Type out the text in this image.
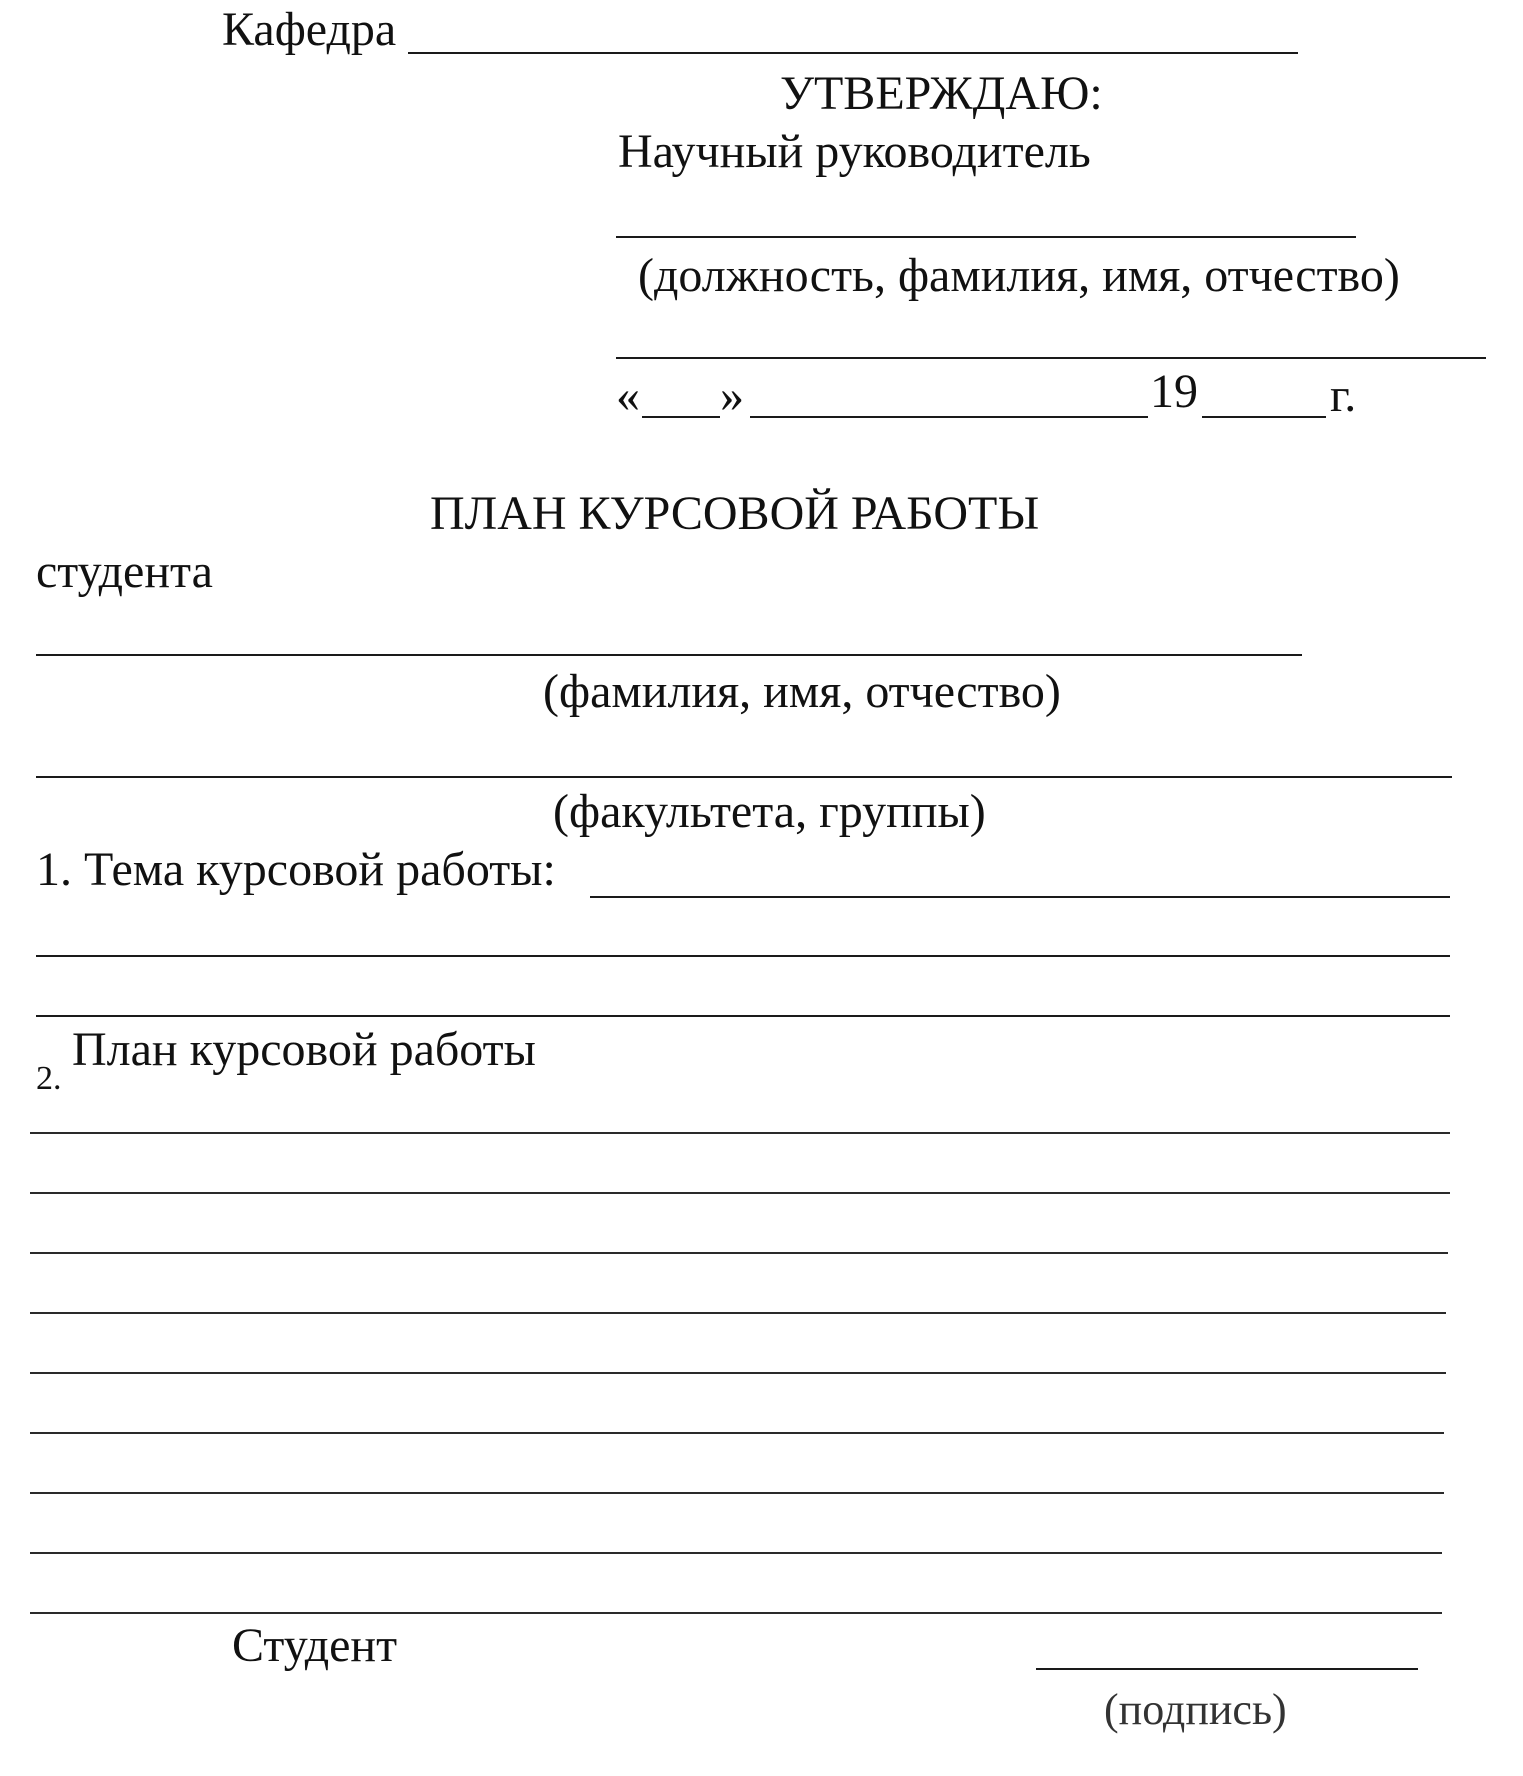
Кафедра
УТВЕРЖДАЮ:
Научный руководитель
(должность, фамилия, имя, отчество)
« »	19	г.
ПЛАН КУРСОВОЙ РАБОТЫ
студента
(фамилия, имя, отчество)
(факультета, группы)
1. Тема курсовой работы:
2.
План курсовой работы
Студент
(подпись)
